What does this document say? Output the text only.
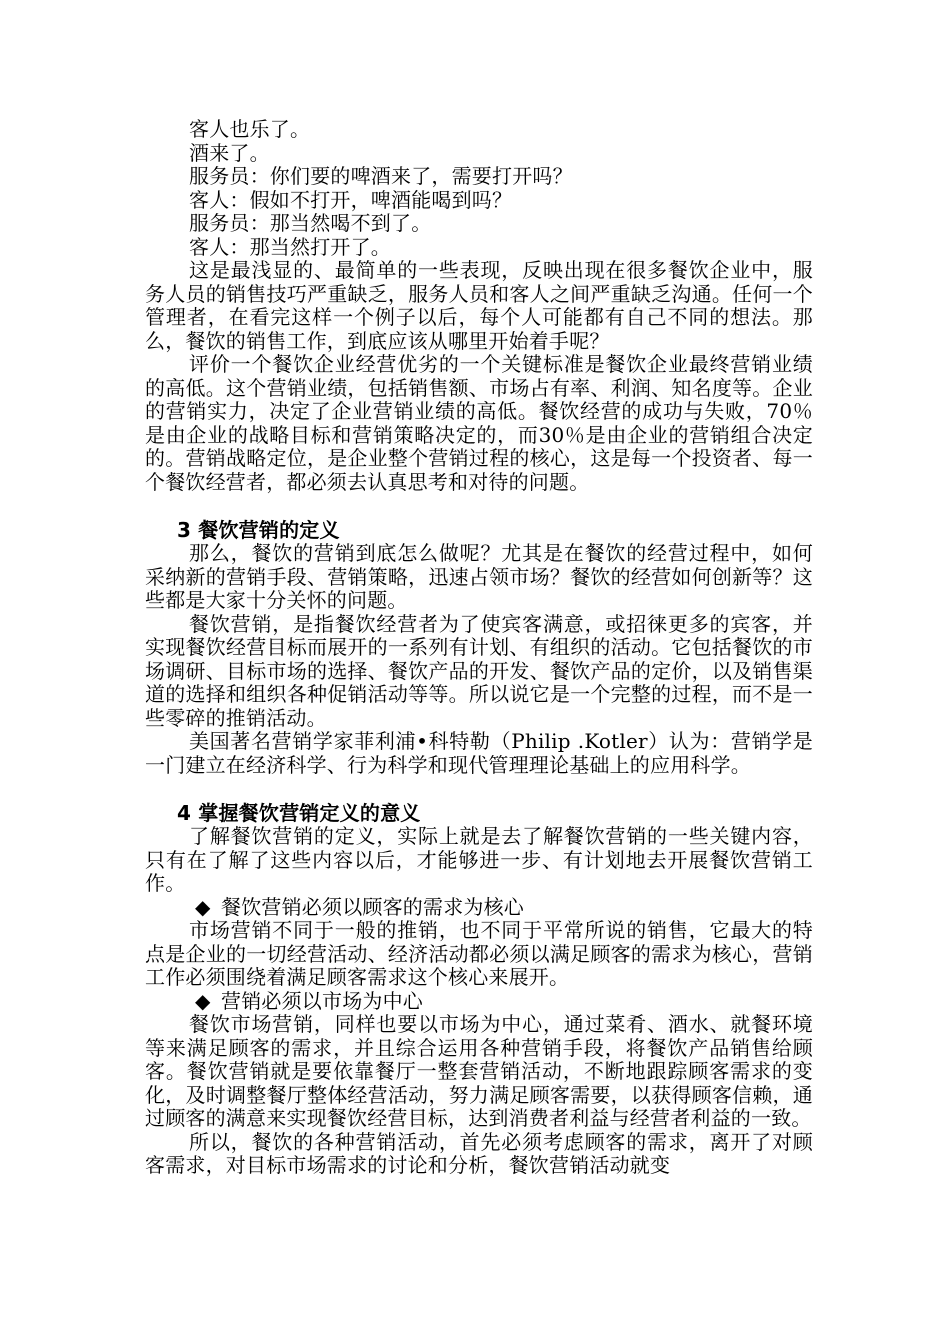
客人也乐了。
酒来了。
服务员：你们要的啤酒来了，需要打开吗？
客人：假如不打开，啤酒能喝到吗？
服务员：那当然喝不到了。
客人：那当然打开了。
这是最浅显的、最简单的一些表现，反映出现在很多餐饮企业中，服务人员的销售技巧严重缺乏，服务人员和客人之间严重缺乏沟通。任何一个管理者，在看完这样一个例子以后，每个人可能都有自己不同的想法。那么，餐饮的销售工作，到底应该从哪里开始着手呢？
评价一个餐饮企业经营优劣的一个关键标准是餐饮企业最终营销业绩的高低。这个营销业绩，包括销售额、市场占有率、利润、知名度等。企业的营销实力，决定了企业营销业绩的高低。餐饮经营的成功与失败，70％是由企业的战略目标和营销策略决定的，而30％是由企业的营销组合决定的。营销战略定位，是企业整个营销过程的核心，这是每一个投资者、每一个餐饮经营者，都必须去认真思考和对待的问题。
3 餐饮营销的定义
那么，餐饮的营销到底怎么做呢？尤其是在餐饮的经营过程中，如何采纳新的营销手段、营销策略，迅速占领市场？餐饮的经营如何创新等？这些都是大家十分关怀的问题。
餐饮营销，是指餐饮经营者为了使宾客满意，或招徕更多的宾客，并实现餐饮经营目标而展开的一系列有计划、有组织的活动。它包括餐饮的市场调研、目标市场的选择、餐饮产品的开发、餐饮产品的定价，以及销售渠道的选择和组织各种促销活动等等。所以说它是一个完整的过程，而不是一些零碎的推销活动。
美国著名营销学家菲利浦•科特勒（Philip .Kotler）认为：营销学是一门建立在经济科学、行为科学和现代管理理论基础上的应用科学。
4 掌握餐饮营销定义的意义
了解餐饮营销的定义，实际上就是去了解餐饮营销的一些关键内容，只有在了解了这些内容以后，才能够进一步、有计划地去开展餐饮营销工作。
◆ 餐饮营销必须以顾客的需求为核心
市场营销不同于一般的推销，也不同于平常所说的销售，它最大的特点是企业的一切经营活动、经济活动都必须以满足顾客的需求为核心，营销工作必须围绕着满足顾客需求这个核心来展开。
◆ 营销必须以市场为中心
餐饮市场营销，同样也要以市场为中心，通过菜肴、酒水、就餐环境等来满足顾客的需求，并且综合运用各种营销手段，将餐饮产品销售给顾客。餐饮营销就是要依靠餐厅一整套营销活动，不断地跟踪顾客需求的变化，及时调整餐厅整体经营活动，努力满足顾客需要，以获得顾客信赖，通过顾客的满意来实现餐饮经营目标，达到消费者利益与经营者利益的一致。
所以，餐饮的各种营销活动，首先必须考虑顾客的需求，离开了对顾客需求，对目标市场需求的讨论和分析，餐饮营销活动就变
